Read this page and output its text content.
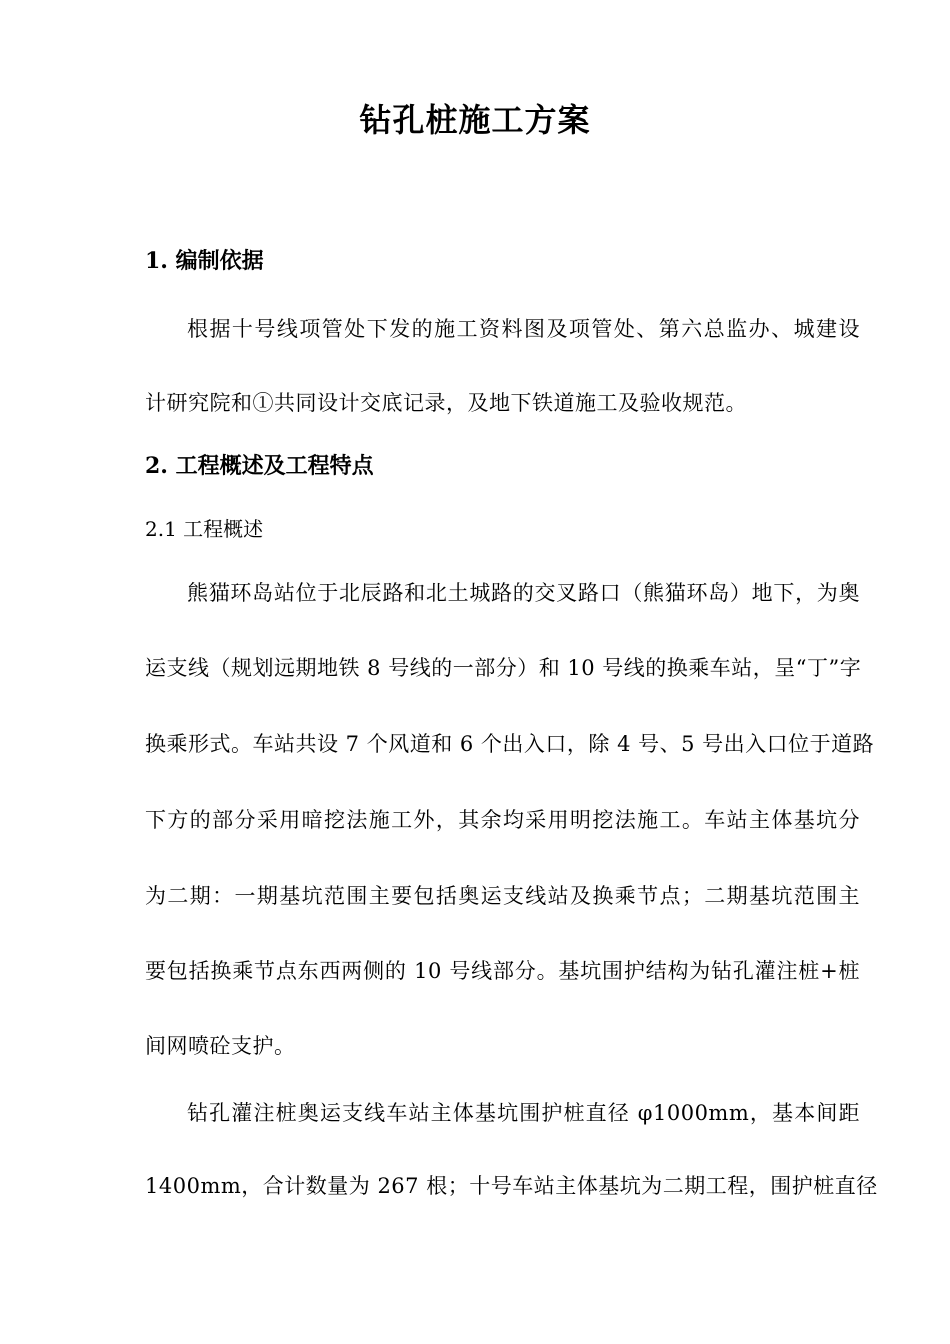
钻孔桩施工方案
1. 编制依据
根据十号线项管处下发的施工资料图及项管处、第六总监办、城建设
计研究院和①共同设计交底记录，及地下铁道施工及验收规范。
2. 工程概述及工程特点
2.1 工程概述
熊猫环岛站位于北辰路和北土城路的交叉路口（熊猫环岛）地下，为奥
运支线（规划远期地铁 8 号线的一部分）和 10 号线的换乘车站，呈“丁”字
换乘形式。车站共设 7 个风道和 6 个出入口，除 4 号、5 号出入口位于道路
下方的部分采用暗挖法施工外，其余均采用明挖法施工。车站主体基坑分
为二期：一期基坑范围主要包括奥运支线站及换乘节点；二期基坑范围主
要包括换乘节点东西两侧的 10 号线部分。基坑围护结构为钻孔灌注桩+桩
间网喷砼支护。
钻孔灌注桩奥运支线车站主体基坑围护桩直径 φ1000mm，基本间距
1400mm，合计数量为 267 根；十号车站主体基坑为二期工程，围护桩直径
